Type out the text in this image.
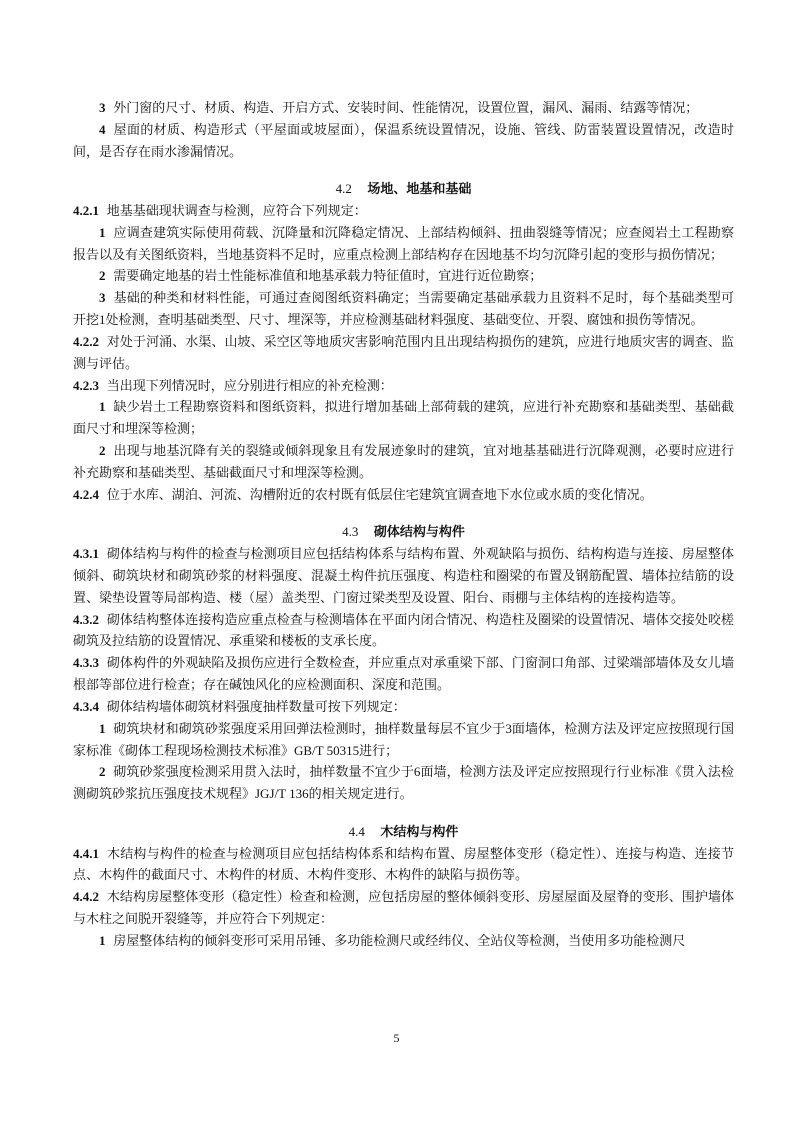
3 外门窗的尺寸、材质、构造、开启方式、安装时间、性能情况，设置位置，漏风、漏雨、结露等情况；

4 屋面的材质、构造形式（平屋面或坡屋面），保温系统设置情况，设施、管线、防雷装置设置情况，改造时间，是否存在雨水渗漏情况。

4.2 场地、地基和基础

4.2.1 地基基础现状调查与检测，应符合下列规定：

1 应调查建筑实际使用荷载、沉降量和沉降稳定情况、上部结构倾斜、扭曲裂缝等情况；应查阅岩土工程勘察报告以及有关图纸资料，当地基资料不足时，应重点检测上部结构存在因地基不均匀沉降引起的变形与损伤情况；

2 需要确定地基的岩土性能标准值和地基承载力特征值时，宜进行近位勘察；

3 基础的种类和材料性能，可通过查阅图纸资料确定；当需要确定基础承载力且资料不足时，每个基础类型可开挖1处检测，查明基础类型、尺寸、埋深等，并应检测基础材料强度、基础变位、开裂、腐蚀和损伤等情况。

4.2.2 对处于河涌、水渠、山坡、采空区等地质灾害影响范围内且出现结构损伤的建筑，应进行地质灾害的调查、监测与评估。

4.2.3 当出现下列情况时，应分别进行相应的补充检测：

1 缺少岩土工程勘察资料和图纸资料，拟进行增加基础上部荷载的建筑，应进行补充勘察和基础类型、基础截面尺寸和埋深等检测；

2 出现与地基沉降有关的裂缝或倾斜现象且有发展迹象时的建筑，宜对地基基础进行沉降观测，必要时应进行补充勘察和基础类型、基础截面尺寸和埋深等检测。

4.2.4 位于水库、湖泊、河流、沟槽附近的农村既有低层住宅建筑宜调查地下水位或水质的变化情况。

4.3 砌体结构与构件

4.3.1 砌体结构与构件的检查与检测项目应包括结构体系与结构布置、外观缺陷与损伤、结构构造与连接、房屋整体倾斜、砌筑块材和砌筑砂浆的材料强度、混凝土构件抗压强度、构造柱和圈梁的布置及钢筋配置、墙体拉结筋的设置、梁垫设置等局部构造、楼（屋）盖类型、门窗过梁类型及设置、阳台、雨棚与主体结构的连接构造等。

4.3.2 砌体结构整体连接构造应重点检查与检测墙体在平面内闭合情况、构造柱及圈梁的设置情况、墙体交接处咬槎砌筑及拉结筋的设置情况、承重梁和楼板的支承长度。

4.3.3 砌体构件的外观缺陷及损伤应进行全数检查，并应重点对承重梁下部、门窗洞口角部、过梁端部墙体及女儿墙根部等部位进行检查；存在碱蚀风化的应检测面积、深度和范围。

4.3.4 砌体结构墙体砌筑材料强度抽样数量可按下列规定：

1 砌筑块材和砌筑砂浆强度采用回弹法检测时，抽样数量每层不宜少于3面墙体，检测方法及评定应按照现行国家标准《砌体工程现场检测技术标准》GB/T 50315进行；

2 砌筑砂浆强度检测采用贯入法时，抽样数量不宜少于6面墙，检测方法及评定应按照现行行业标准《贯入法检测砌筑砂浆抗压强度技术规程》JGJ/T 136的相关规定进行。

4.4 木结构与构件

4.4.1 木结构与构件的检查与检测项目应包括结构体系和结构布置、房屋整体变形（稳定性）、连接与构造、连接节点、木构件的截面尺寸、木构件的材质、木构件变形、木构件的缺陷与损伤等。

4.4.2 木结构房屋整体变形（稳定性）检查和检测，应包括房屋的整体倾斜变形、房屋屋面及屋脊的变形、围护墙体与木柱之间脱开裂缝等，并应符合下列规定：

1 房屋整体结构的倾斜变形可采用吊锤、多功能检测尺或经纬仪、全站仪等检测，当使用多功能检测尺

5
